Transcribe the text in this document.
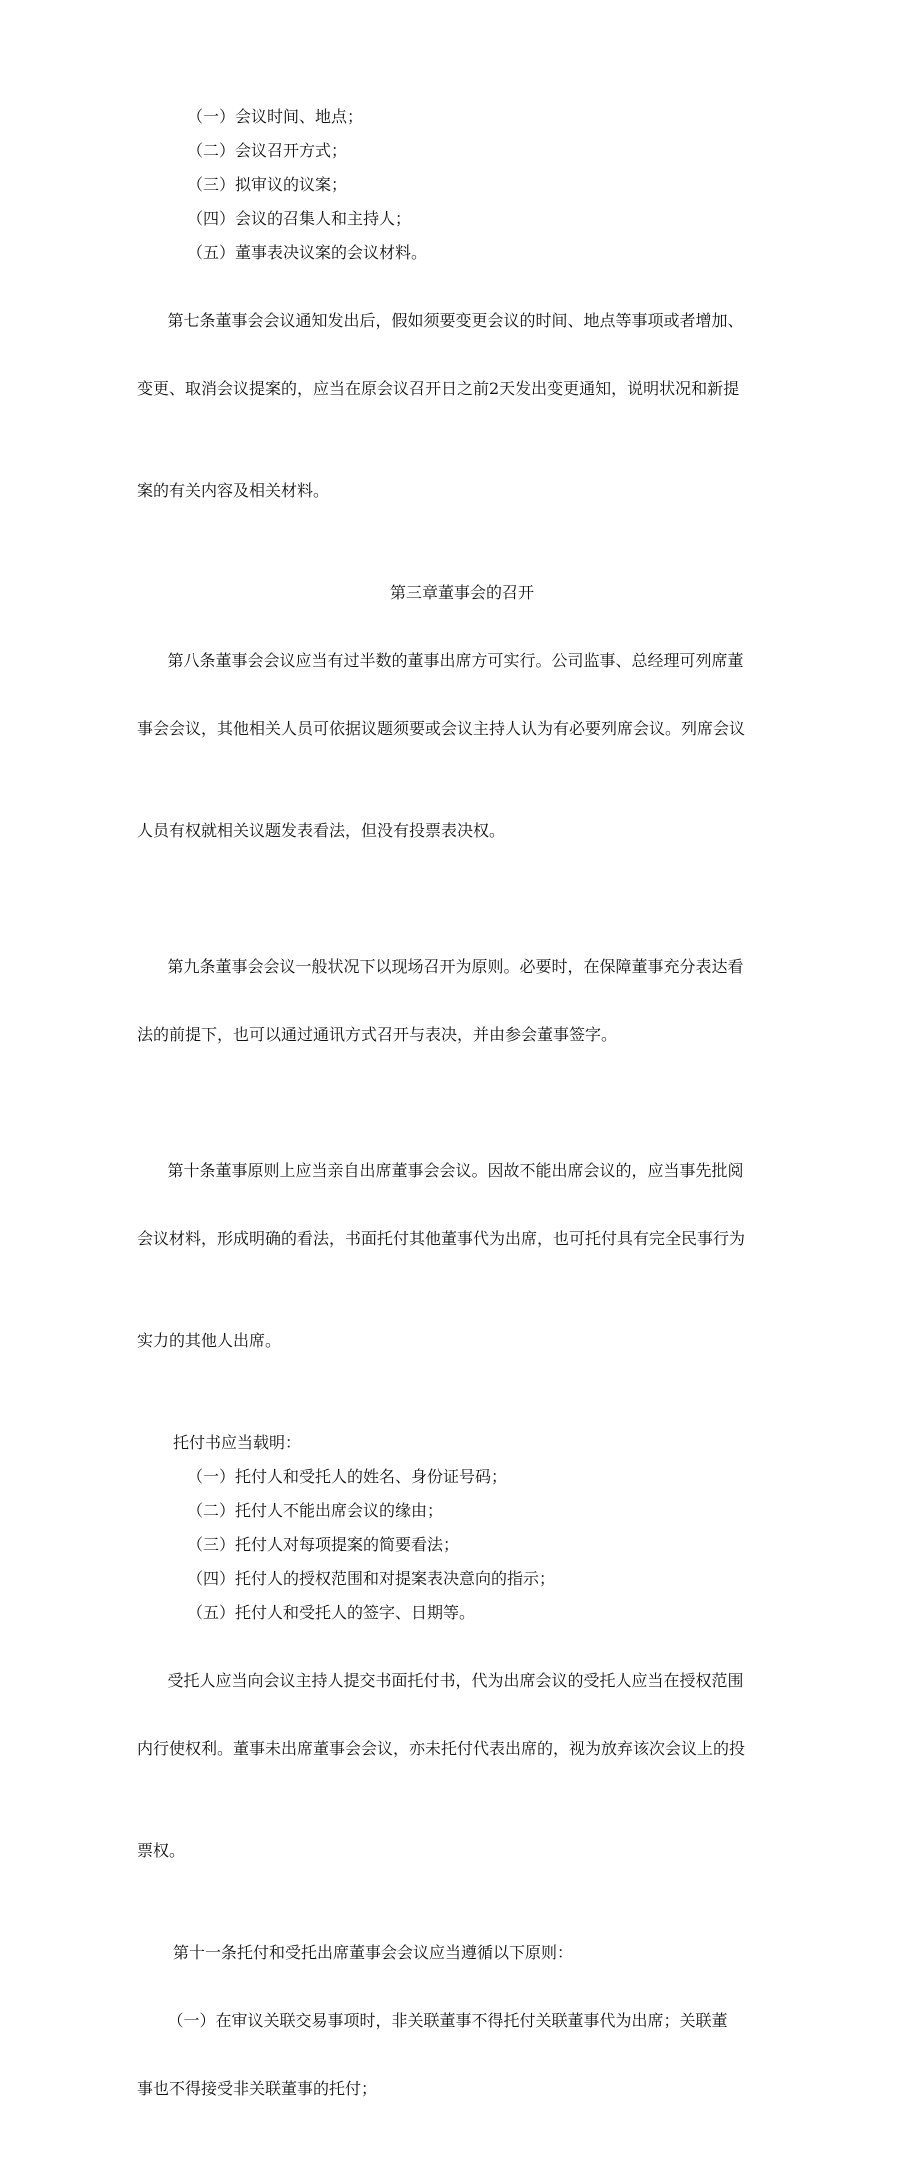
（一）会议时间、地点；

（二）会议召开方式；

（三）拟审议的议案；

（四）会议的召集人和主持人；

（五）董事表决议案的会议材料。

第七条董事会会议通知发出后，假如须要变更会议的时间、地点等事项或者增加、

变更、取消会议提案的，应当在原会议召开日之前2天发出变更通知，说明状况和新提

案的有关内容及相关材料。

第三章董事会的召开

第八条董事会会议应当有过半数的董事出席方可实行。公司监事、总经理可列席董

事会会议，其他相关人员可依据议题须要或会议主持人认为有必要列席会议。列席会议

人员有权就相关议题发表看法，但没有投票表决权。

第九条董事会会议一般状况下以现场召开为原则。必要时，在保障董事充分表达看

法的前提下，也可以通过通讯方式召开与表决，并由参会董事签字。

第十条董事原则上应当亲自出席董事会会议。因故不能出席会议的，应当事先批阅

会议材料，形成明确的看法，书面托付其他董事代为出席，也可托付具有完全民事行为

实力的其他人出席。

托付书应当载明：

（一）托付人和受托人的姓名、身份证号码；

（二）托付人不能出席会议的缘由；

（三）托付人对每项提案的简要看法；

（四）托付人的授权范围和对提案表决意向的指示；

（五）托付人和受托人的签字、日期等。

受托人应当向会议主持人提交书面托付书，代为出席会议的受托人应当在授权范围

内行使权利。董事未出席董事会会议，亦未托付代表出席的，视为放弃该次会议上的投

票权。

第十一条托付和受托出席董事会会议应当遵循以下原则：

（一）在审议关联交易事项时，非关联董事不得托付关联董事代为出席；关联董

事也不得接受非关联董事的托付；
